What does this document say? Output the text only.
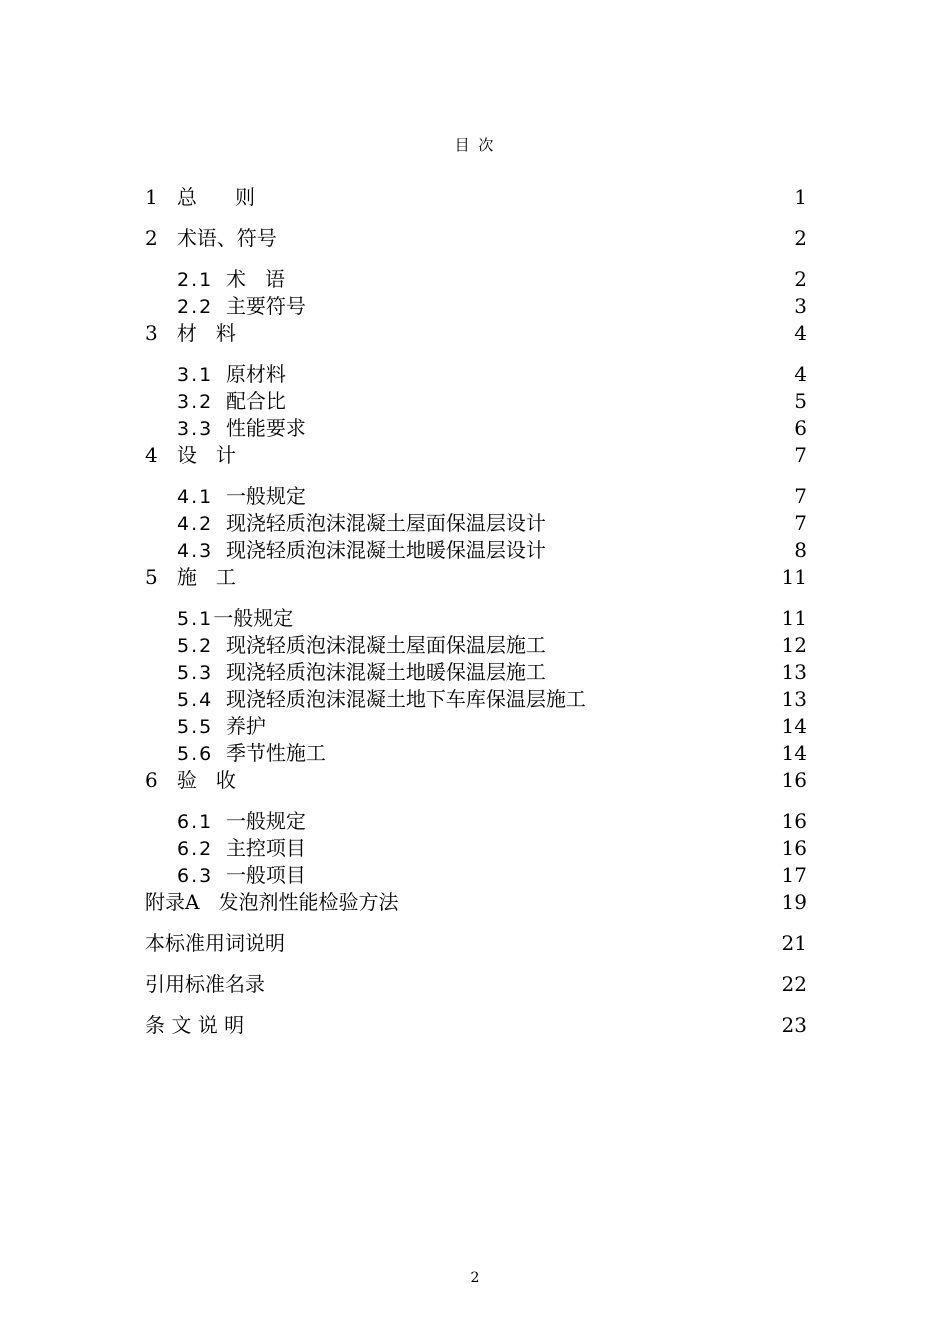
目 次
1 总      则	1
2 术语、符号	2
2.1 术   语	2
2.2 主要符号	3
3 材   料	4
3.1 原材料	4
3.2 配合比	5
3.3 性能要求	6
4 设   计	7
4.1 一般规定	7
4.2 现浇轻质泡沫混凝土屋面保温层设计	7
4.3 现浇轻质泡沫混凝土地暖保温层设计	8
5 施   工	11
5.1一般规定	11
5.2 现浇轻质泡沫混凝土屋面保温层施工	12
5.3 现浇轻质泡沫混凝土地暖保温层施工	13
5.4 现浇轻质泡沫混凝土地下车库保温层施工	13
5.5 养护	14
5.6 季节性施工	14
6 验   收	16
6.1 一般规定	16
6.2 主控项目	16
6.3 一般项目	17
附录A 发泡剂性能检验方法	19
本标准用词说明	21
引用标准名录	22
条 文 说 明	23
2
